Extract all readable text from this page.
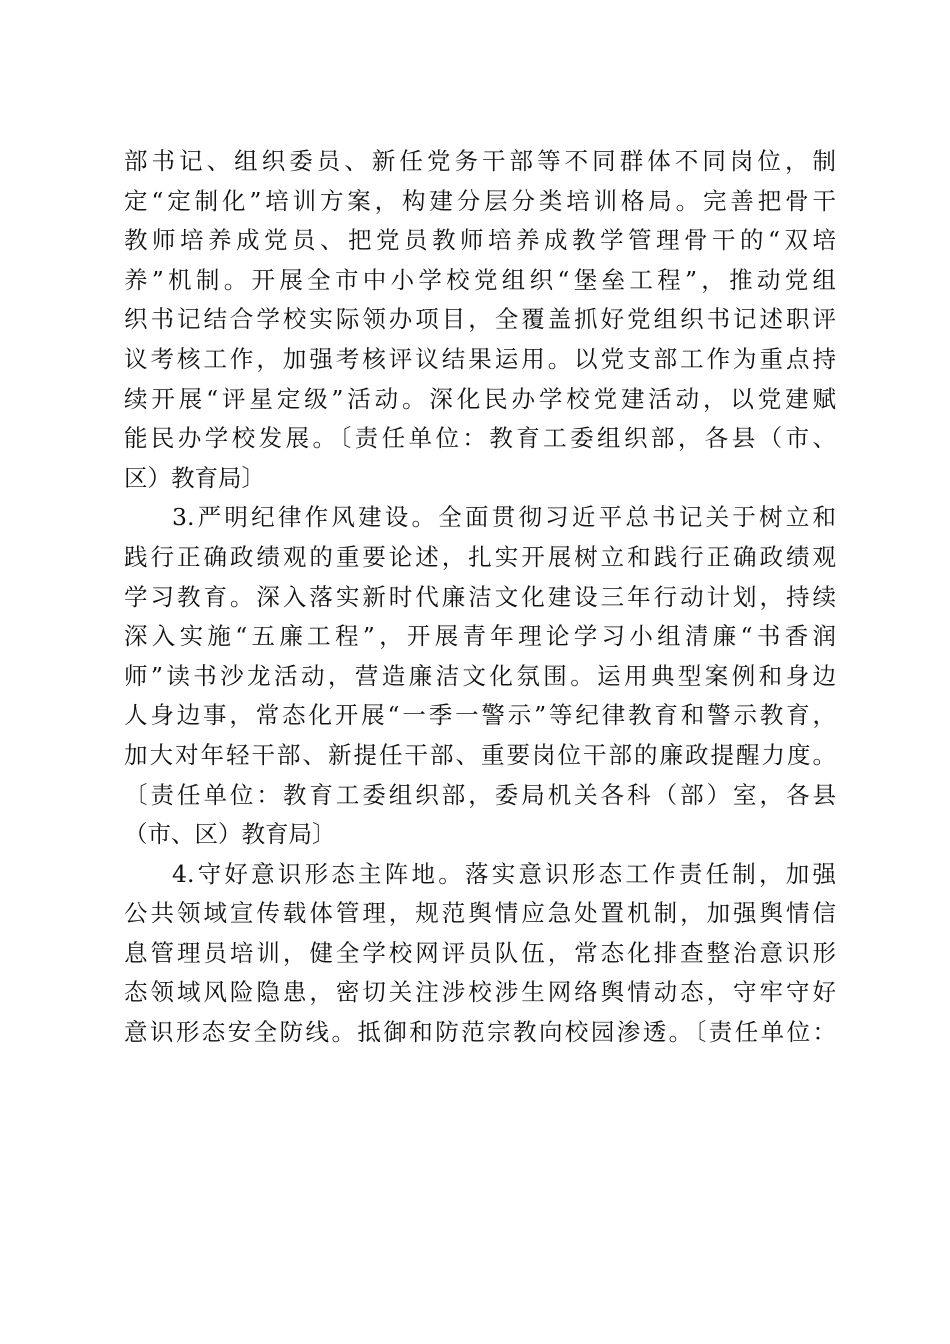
部书记、组织委员、新任党务干部等不同群体不同岗位，制
定“定制化”培训方案，构建分层分类培训格局。完善把骨干
教师培养成党员、把党员教师培养成教学管理骨干的“双培
养”机制。开展全市中小学校党组织“堡垒工程”，推动党组
织书记结合学校实际领办项目，全覆盖抓好党组织书记述职评
议考核工作，加强考核评议结果运用。以党支部工作为重点持
续开展“评星定级”活动。深化民办学校党建活动，以党建赋
能民办学校发展。〔责任单位：教育工委组织部，各县（市、
区）教育局〕
3.严明纪律作风建设。全面贯彻习近平总书记关于树立和
践行正确政绩观的重要论述，扎实开展树立和践行正确政绩观
学习教育。深入落实新时代廉洁文化建设三年行动计划，持续
深入实施“五廉工程”，开展青年理论学习小组清廉“书香润
师”读书沙龙活动，营造廉洁文化氛围。运用典型案例和身边
人身边事，常态化开展“一季一警示”等纪律教育和警示教育，
加大对年轻干部、新提任干部、重要岗位干部的廉政提醒力度。
〔责任单位：教育工委组织部，委局机关各科（部）室，各县
（市、区）教育局〕
4.守好意识形态主阵地。落实意识形态工作责任制，加强
公共领域宣传载体管理，规范舆情应急处置机制，加强舆情信
息管理员培训，健全学校网评员队伍，常态化排查整治意识形
态领域风险隐患，密切关注涉校涉生网络舆情动态，守牢守好
意识形态安全防线。抵御和防范宗教向校园渗透。〔责任单位：
